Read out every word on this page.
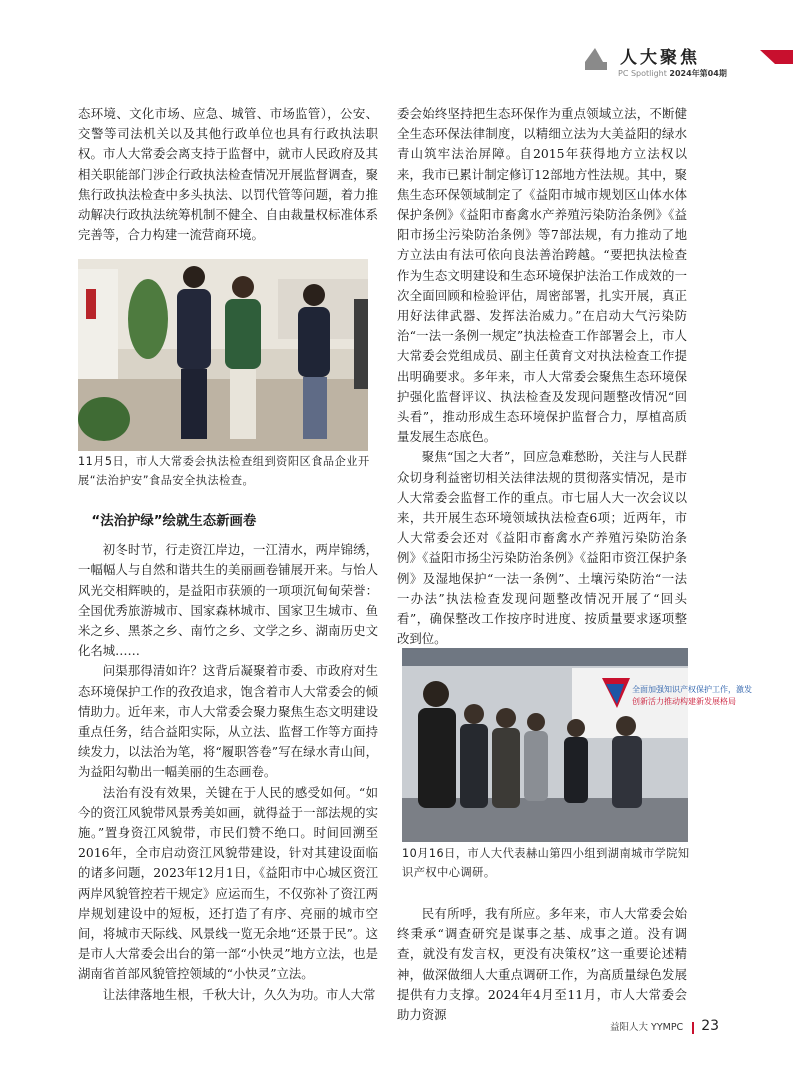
人大聚焦
PC Spotlight 2024年第04期

态环境、文化市场、应急、城管、市场监管），公安、交警等司法机关以及其他行政单位也具有行政执法职权。市人大常委会离支持于监督中，就市人民政府及其相关职能部门涉企行政执法检查情况开展监督调查，聚焦行政执法检查中多头执法、以罚代管等问题，着力推动解决行政执法统筹机制不健全、自由裁量权标准体系完善等，合力构建一流营商环境。

11月5日，市人大常委会执法检查组到资阳区食品企业开展“法治护安”食品安全执法检查。
“法治护绿”绘就生态新画卷

初冬时节，行走资江岸边，一江清水，两岸锦绣，一幅幅人与自然和谐共生的美丽画卷铺展开来。与怡人风光交相辉映的，是益阳市获颁的一项项沉甸甸荣誉：全国优秀旅游城市、国家森林城市、国家卫生城市、鱼米之乡、黑茶之乡、南竹之乡、文学之乡、湖南历史文化名城……

问渠那得清如许？这背后凝聚着市委、市政府对生态环境保护工作的孜孜追求，饱含着市人大常委会的倾情助力。近年来，市人大常委会聚力聚焦生态文明建设重点任务，结合益阳实际，从立法、监督工作等方面持续发力，以法治为笔，将“履职答卷”写在绿水青山间，为益阳勾勒出一幅美丽的生态画卷。

法治有没有效果，关键在于人民的感受如何。“如今的资江风貌带风景秀美如画，就得益于一部法规的实施。”置身资江风貌带，市民们赞不绝口。时间回溯至2016年，全市启动资江风貌带建设，针对其建设面临的诸多问题，2023年12月1日，《益阳市中心城区资江两岸风貌管控若干规定》应运而生，不仅弥补了资江两岸规划建设中的短板，还打造了有序、亮丽的城市空间，将城市天际线、风景线一览无余地“还景于民”。这是市人大常委会出台的第一部“小快灵”地方立法，也是湖南省首部风貌管控领域的“小快灵”立法。

让法律落地生根，千秋大计，久久为功。市人大常

委会始终坚持把生态环保作为重点领域立法，不断健全生态环保法律制度，以精细立法为大美益阳的绿水青山筑牢法治屏障。自2015年获得地方立法权以来，我市已累计制定修订12部地方性法规。其中，聚焦生态环保领域制定了《益阳市城市规划区山体水体保护条例》《益阳市畜禽水产养殖污染防治条例》《益阳市扬尘污染防治条例》等7部法规，有力推动了地方立法由有法可依向良法善治跨越。“要把执法检查作为生态文明建设和生态环境保护法治工作成效的一次全面回顾和检验评估，周密部署，扎实开展，真正用好法律武器、发挥法治威力。”在启动大气污染防治“一法一条例一规定”执法检查工作部署会上，市人大常委会党组成员、副主任黄育文对执法检查工作提出明确要求。多年来，市人大常委会聚焦生态环境保护强化监督评议、执法检查及发现问题整改情况“回头看”，推动形成生态环境保护监督合力，厚植高质量发展生态底色。

聚焦“国之大者”，回应急难愁盼，关注与人民群众切身利益密切相关法律法规的贯彻落实情况，是市人大常委会监督工作的重点。市七届人大一次会议以来，共开展生态环境领域执法检查6项；近两年，市人大常委会还对《益阳市畜禽水产养殖污染防治条例》《益阳市扬尘污染防治条例》《益阳市资江保护条例》及湿地保护“一法一条例”、土壤污染防治“一法一办法”执法检查发现问题整改情况开展了“回头看”，确保整改工作按序时进度、按质量要求逐项整改到位。

全面加强知识产权保护工作，激发
创新活力推动构建新发展格局
10月16日，市人大代表赫山第四小组到湖南城市学院知识产权中心调研。

民有所呼，我有所应。多年来，市人大常委会始终秉承“调查研究是谋事之基、成事之道。没有调查，就没有发言权，更没有决策权”这一重要论述精神，做深做细人大重点调研工作，为高质量绿色发展提供有力支撑。2024年4月至11月，市人大常委会助力资源

益阳人大 YYMPC 23
